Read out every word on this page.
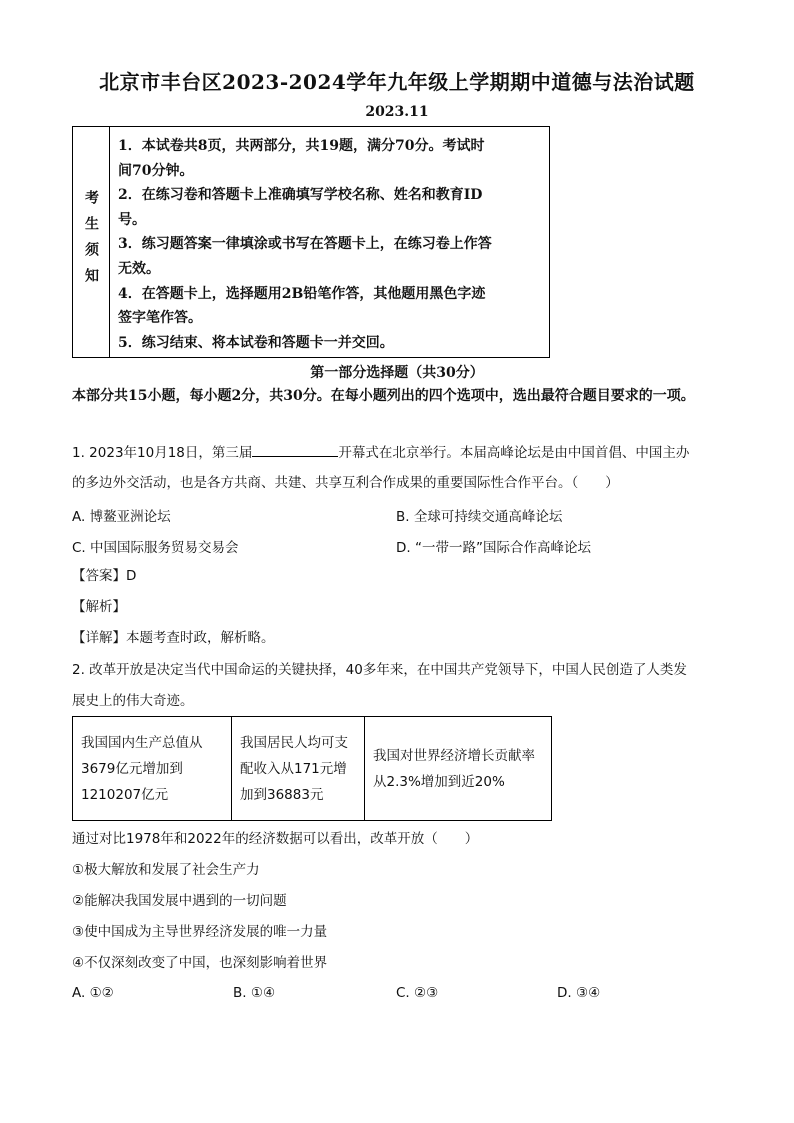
北京市丰台区2023-2024学年九年级上学期期中道德与法治试题
2023.11
考生须知

1．本试卷共8页，共两部分，共19题，满分70分。考试时

间70分钟。

2．在练习卷和答题卡上准确填写学校名称、姓名和教育ID

号。

3．练习题答案一律填涂或书写在答题卡上，在练习卷上作答

无效。

4．在答题卡上，选择题用2B铅笔作答，其他题用黑色字迹

签字笔作答。

5．练习结束、将本试卷和答题卡一并交回。

第一部分选择题（共30分）
本部分共15小题，每小题2分，共30分。在每小题列出的四个选项中，选出最符合题目要求的一项。
1. 2023年10月18日，第三届	开幕式在北京举行。本届高峰论坛是由中国首倡、中国主办
的多边外交活动，也是各方共商、共建、共享互利合作成果的重要国际性合作平台。（　　）
A. 博鳌亚洲论坛	B. 全球可持续交通高峰论坛
C. 中国国际服务贸易交易会	D. “一带一路”国际合作高峰论坛
【答案】D
【解析】
【详解】本题考查时政，解析略。
2. 改革开放是决定当代中国命运的关键抉择，40多年来，在中国共产党领导下，中国人民创造了人类发
展史上的伟大奇迹。
我国国内生产总值从
3679亿元增加到
1210207亿元

我国居民人均可支
配收入从171元增
加到36883元

我国对世界经济增长贡献率
从2.3%增加到近20%
通过对比1978年和2022年的经济数据可以看出，改革开放（　　）
①极大解放和发展了社会生产力
②能解决我国发展中遇到的一切问题
③使中国成为主导世界经济发展的唯一力量
④不仅深刻改变了中国，也深刻影响着世界
A. ①②	B. ①④	C. ②③	D. ③④
